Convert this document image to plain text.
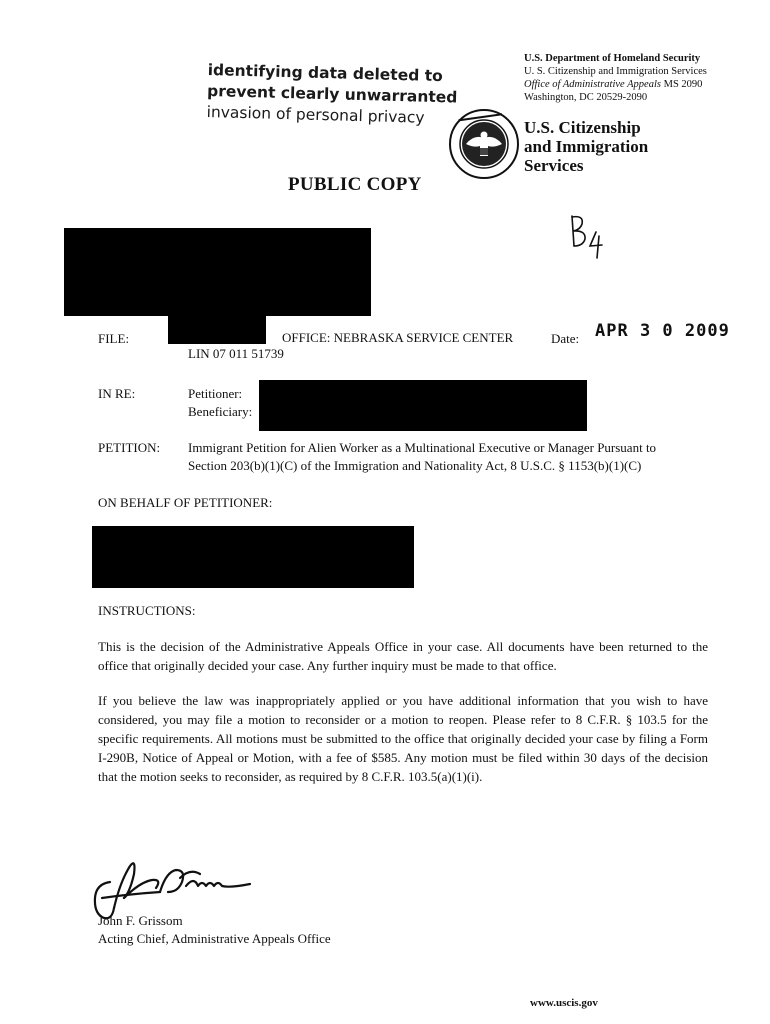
identifying data deleted to
prevent clearly unwarranted
invasion of personal privacy
U.S. Department of Homeland Security
U. S. Citizenship and Immigration Services
Office of Administrative Appeals MS 2090
Washington, DC 20529-2090
U.S. Citizenship
and Immigration
Services
PUBLIC COPY
FILE:
LIN 07 011 51739
OFFICE: NEBRASKA SERVICE CENTER	Date: APR 3 0 2009
IN RE:	Petitioner:
Beneficiary:
PETITION: Immigrant Petition for Alien Worker as a Multinational Executive or Manager Pursuant to
Section 203(b)(1)(C) of the Immigration and Nationality Act, 8 U.S.C. § 1153(b)(1)(C)
ON BEHALF OF PETITIONER:
INSTRUCTIONS:
This is the decision of the Administrative Appeals Office in your case. All documents have been returned to the office that originally decided your case. Any further inquiry must be made to that office.
If you believe the law was inappropriately applied or you have additional information that you wish to have considered, you may file a motion to reconsider or a motion to reopen. Please refer to 8 C.F.R. § 103.5 for the specific requirements. All motions must be submitted to the office that originally decided your case by filing a Form I-290B, Notice of Appeal or Motion, with a fee of $585. Any motion must be filed within 30 days of the decision that the motion seeks to reconsider, as required by 8 C.F.R. 103.5(a)(1)(i).
John F. Grissom
Acting Chief, Administrative Appeals Office
www.uscis.gov
